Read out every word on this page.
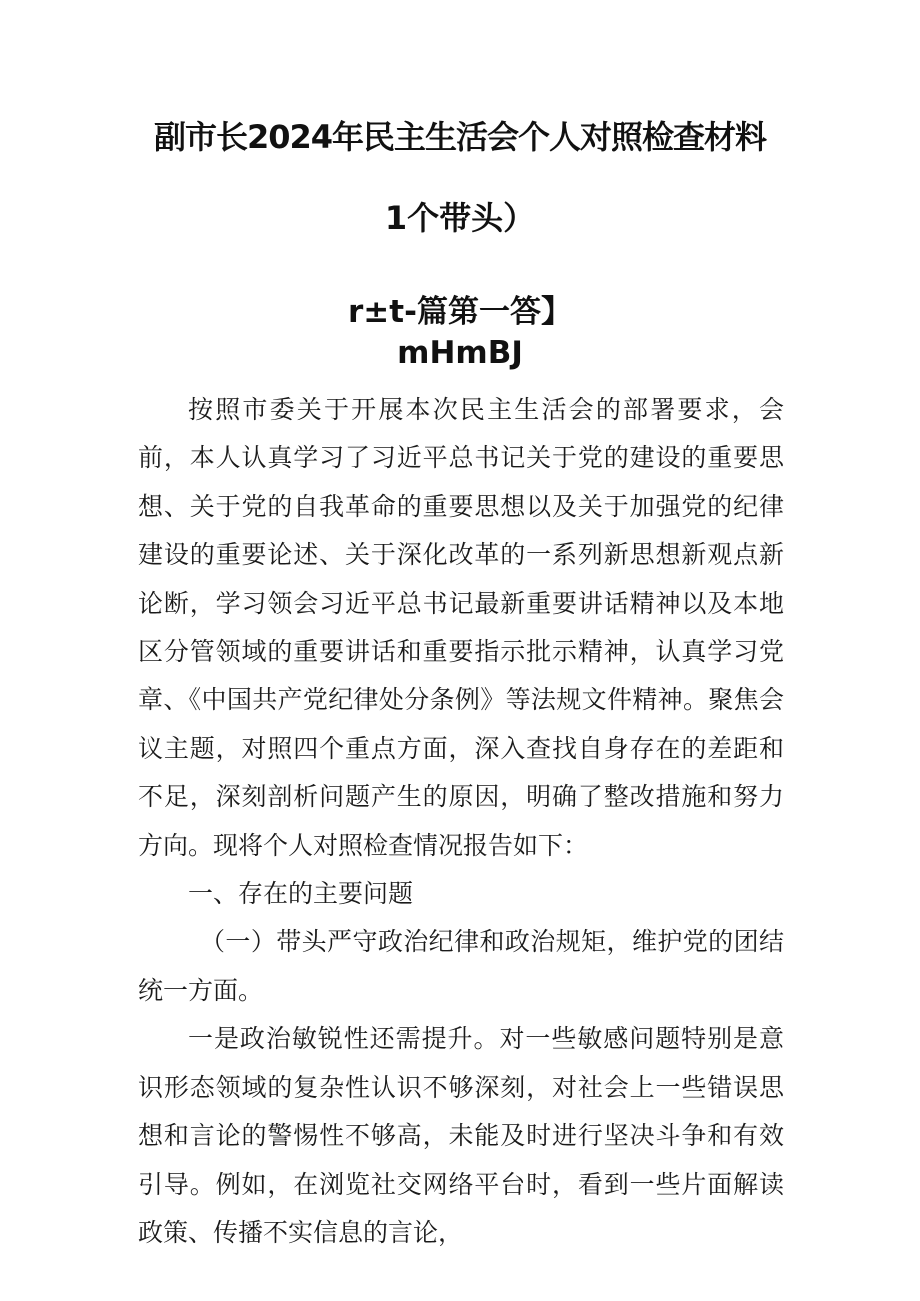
副市长2024年民主生活会个人对照检查材料
1个带头）
r±t-篇第一答】
mHmBJ

按照市委关于开展本次民主生活会的部署要求，会前，本人认真学习了习近平总书记关于党的建设的重要思想、关于党的自我革命的重要思想以及关于加强党的纪律建设的重要论述、关于深化改革的一系列新思想新观点新论断，学习领会习近平总书记最新重要讲话精神以及本地区分管领域的重要讲话和重要指示批示精神，认真学习党章、《中国共产党纪律处分条例》等法规文件精神。聚焦会议主题，对照四个重点方面，深入查找自身存在的差距和不足，深刻剖析问题产生的原因，明确了整改措施和努力方向。现将个人对照检查情况报告如下：

一、存在的主要问题

（一）带头严守政治纪律和政治规矩，维护党的团结统一方面。

一是政治敏锐性还需提升。对一些敏感问题特别是意识形态领域的复杂性认识不够深刻，对社会上一些错误思想和言论的警惕性不够高，未能及时进行坚决斗争和有效引导。例如，在浏览社交网络平台时，看到一些片面解读政策、传播不实信息的言论，
